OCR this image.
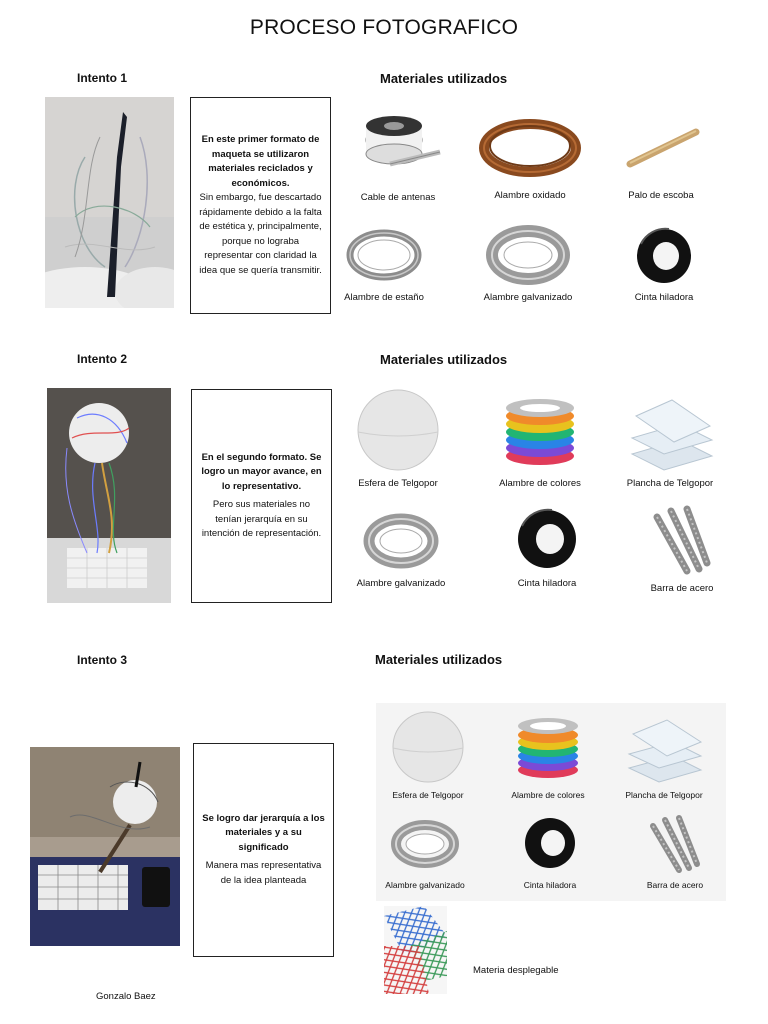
PROCESO FOTOGRAFICO
Intento 1	Materiales utilizados
En este primer formato de maqueta se utilizaron materiales reciclados y económicos.
Sin embargo, fue descartado rápidamente debido a la falta de estética y, principalmente, porque no lograba representar con claridad la idea que se quería transmitir.
Cable de antenas	Alambre oxidado	Palo de escoba
Alambre de estaño	Alambre galvanizado	Cinta hiladora
Intento 2	Materiales utilizados
En el segundo formato. Se logro un mayor avance, en lo representativo.
Pero sus materiales no tenían jerarquía en su intención de representación.
Esfera de Telgopor	Alambre de colores	Plancha de Telgopor
Alambre galvanizado	Cinta hiladora	Barra de acero
Intento 3	Materiales utilizados
Se logro dar jerarquía a los materiales y a su significado
Manera mas representativa de la idea planteada
Esfera de Telgopor	Alambre de colores	Plancha de Telgopor
Alambre galvanizado	Cinta hiladora	Barra de acero
Materia desplegable
Gonzalo Baez
